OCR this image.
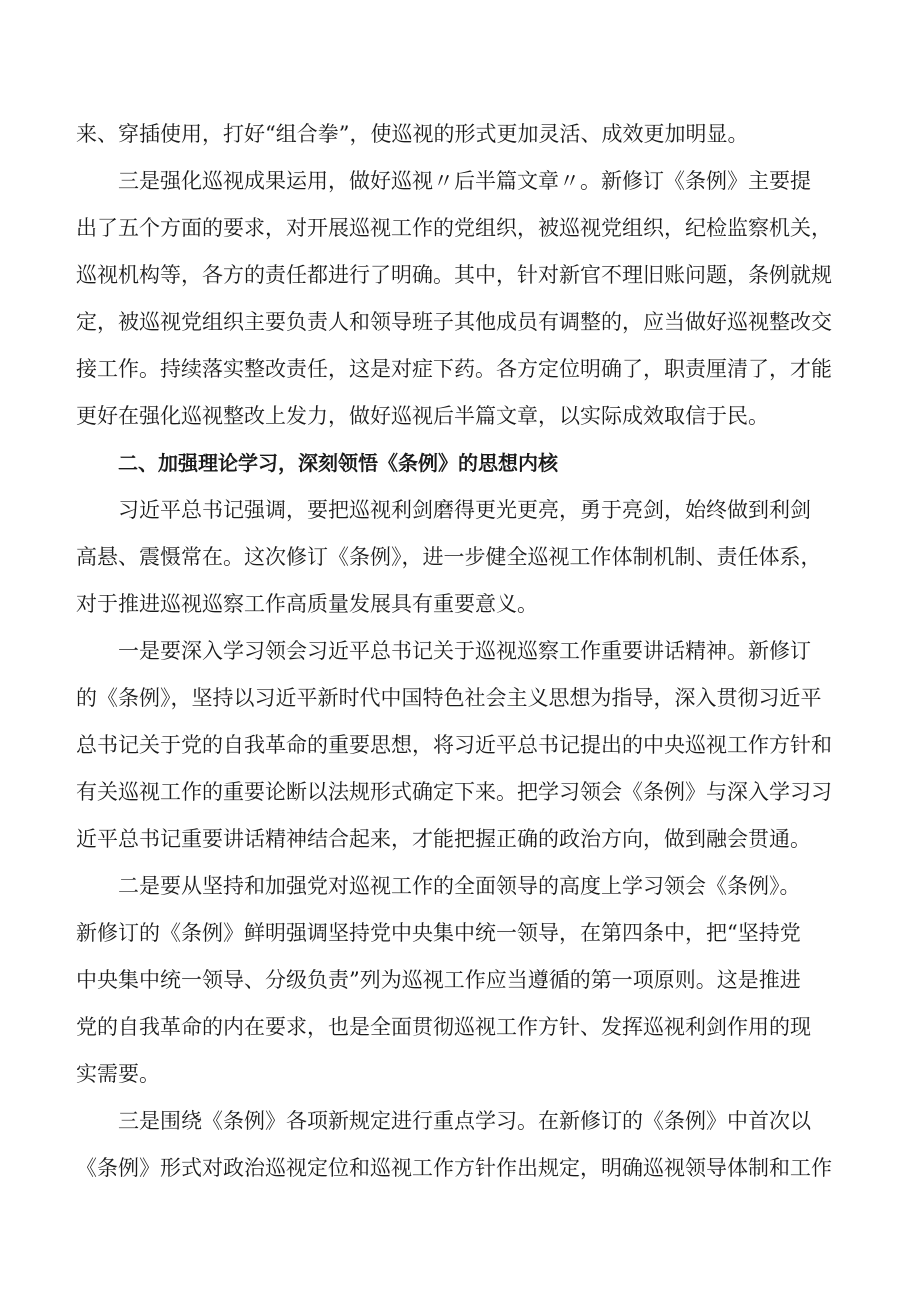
来、穿插使用，打好“组合拳”，使巡视的形式更加灵活、成效更加明显。
三是强化巡视成果运用，做好巡视〃后半篇文章〃。新修订《条例》主要提
出了五个方面的要求，对开展巡视工作的党组织，被巡视党组织，纪检监察机关，
巡视机构等，各方的责任都进行了明确。其中，针对新官不理旧账问题，条例就规
定，被巡视党组织主要负责人和领导班子其他成员有调整的，应当做好巡视整改交
接工作。持续落实整改责任，这是对症下药。各方定位明确了，职责厘清了，才能
更好在强化巡视整改上发力，做好巡视后半篇文章，以实际成效取信于民。
二、加强理论学习，深刻领悟《条例》的思想内核
习近平总书记强调，要把巡视利剑磨得更光更亮，勇于亮剑，始终做到利剑
高悬、震慑常在。这次修订《条例》，进一步健全巡视工作体制机制、责任体系，
对于推进巡视巡察工作高质量发展具有重要意义。
一是要深入学习领会习近平总书记关于巡视巡察工作重要讲话精神。新修订
的《条例》，坚持以习近平新时代中国特色社会主义思想为指导，深入贯彻习近平
总书记关于党的自我革命的重要思想，将习近平总书记提出的中央巡视工作方针和
有关巡视工作的重要论断以法规形式确定下来。把学习领会《条例》与深入学习习
近平总书记重要讲话精神结合起来，才能把握正确的政治方向，做到融会贯通。
二是要从坚持和加强党对巡视工作的全面领导的高度上学习领会《条例》。
新修订的《条例》鲜明强调坚持党中央集中统一领导，在第四条中，把“坚持党
中央集中统一领导、分级负责”列为巡视工作应当遵循的第一项原则。这是推进
党的自我革命的内在要求，也是全面贯彻巡视工作方针、发挥巡视利剑作用的现
实需要。
三是围绕《条例》各项新规定进行重点学习。在新修订的《条例》中首次以
《条例》形式对政治巡视定位和巡视工作方针作出规定，明确巡视领导体制和工作
